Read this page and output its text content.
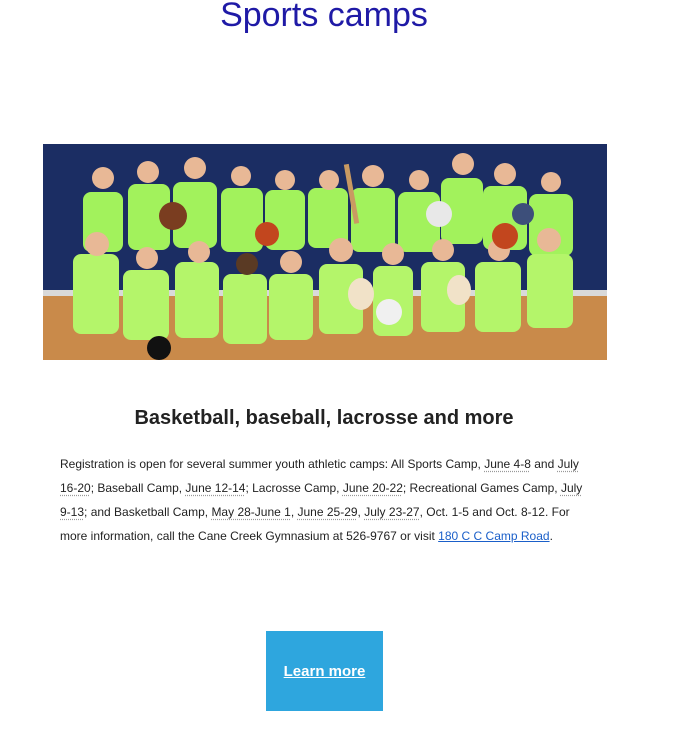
Sports camps
Basketball, baseball, lacrosse and more
Registration is open for several summer youth athletic camps: All Sports Camp, June 4-8 and July 16-20; Baseball Camp, June 12-14; Lacrosse Camp, June 20-22; Recreational Games Camp, July 9-13; and Basketball Camp, May 28-June 1, June 25-29, July 23-27, Oct. 1-5 and Oct. 8-12. For more information, call the Cane Creek Gymnasium at 526-9767 or visit 180 C C Camp Road.
Learn more
